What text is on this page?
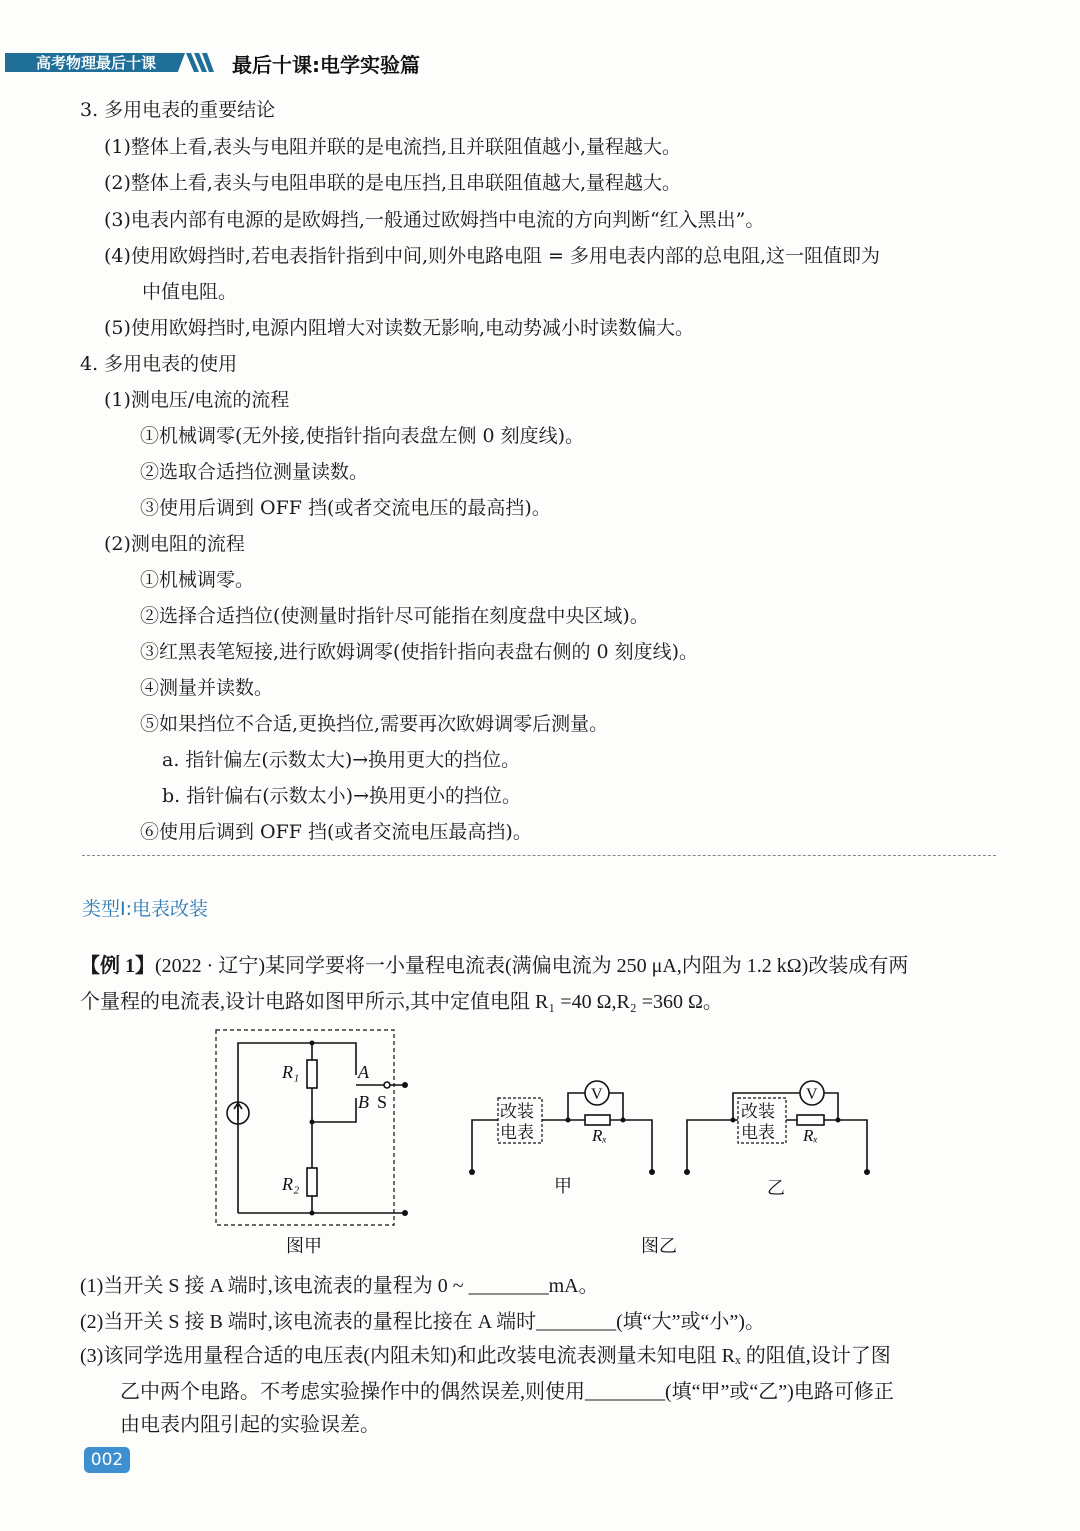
高考物理最后十课	最后十课:电学实验篇
3. 多用电表的重要结论
(1)整体上看,表头与电阻并联的是电流挡,且并联阻值越小,量程越大。
(2)整体上看,表头与电阻串联的是电压挡,且串联阻值越大,量程越大。
(3)电表内部有电源的是欧姆挡,一般通过欧姆挡中电流的方向判断“红入黑出”。
(4)使用欧姆挡时,若电表指针指到中间,则外电路电阻 = 多用电表内部的总电阻,这一阻值即为
中值电阻。
(5)使用欧姆挡时,电源内阻增大对读数无影响,电动势减小时读数偏大。
4. 多用电表的使用
(1)测电压/电流的流程
①机械调零(无外接,使指针指向表盘左侧 0 刻度线)。
②选取合适挡位测量读数。
③使用后调到 OFF 挡(或者交流电压的最高挡)。
(2)测电阻的流程
①机械调零。
②选择合适挡位(使测量时指针尽可能指在刻度盘中央区域)。
③红黑表笔短接,进行欧姆调零(使指针指向表盘右侧的 0 刻度线)。
④测量并读数。
⑤如果挡位不合适,更换挡位,需要再次欧姆调零后测量。
a. 指针偏左(示数太大)→换用更大的挡位。
b. 指针偏右(示数太小)→换用更小的挡位。
⑥使用后调到 OFF 挡(或者交流电压最高挡)。
类型Ⅰ:电表改装
【例 1】(2022 · 辽宁)某同学要将一小量程电流表(满偏电流为 250 μA,内阻为 1.2 kΩ)改装成有两
个量程的电流表,设计电路如图甲所示,其中定值电阻 R₁ =40 Ω,R₂ =360 Ω。
R₁
R₂
A
B S
图甲
改装
电表
V
Rₓ
甲
改装
电表
V
Rₓ
乙
图乙
(1)当开关 S 接 A 端时,该电流表的量程为 0 ~ ________mA。
(2)当开关 S 接 B 端时,该电流表的量程比接在 A 端时________(填“大”或“小”)。
(3)该同学选用量程合适的电压表(内阻未知)和此改装电流表测量未知电阻 Rₓ 的阻值,设计了图
乙中两个电路。不考虑实验操作中的偶然误差,则使用________(填“甲”或“乙”)电路可修正
由电表内阻引起的实验误差。
002
